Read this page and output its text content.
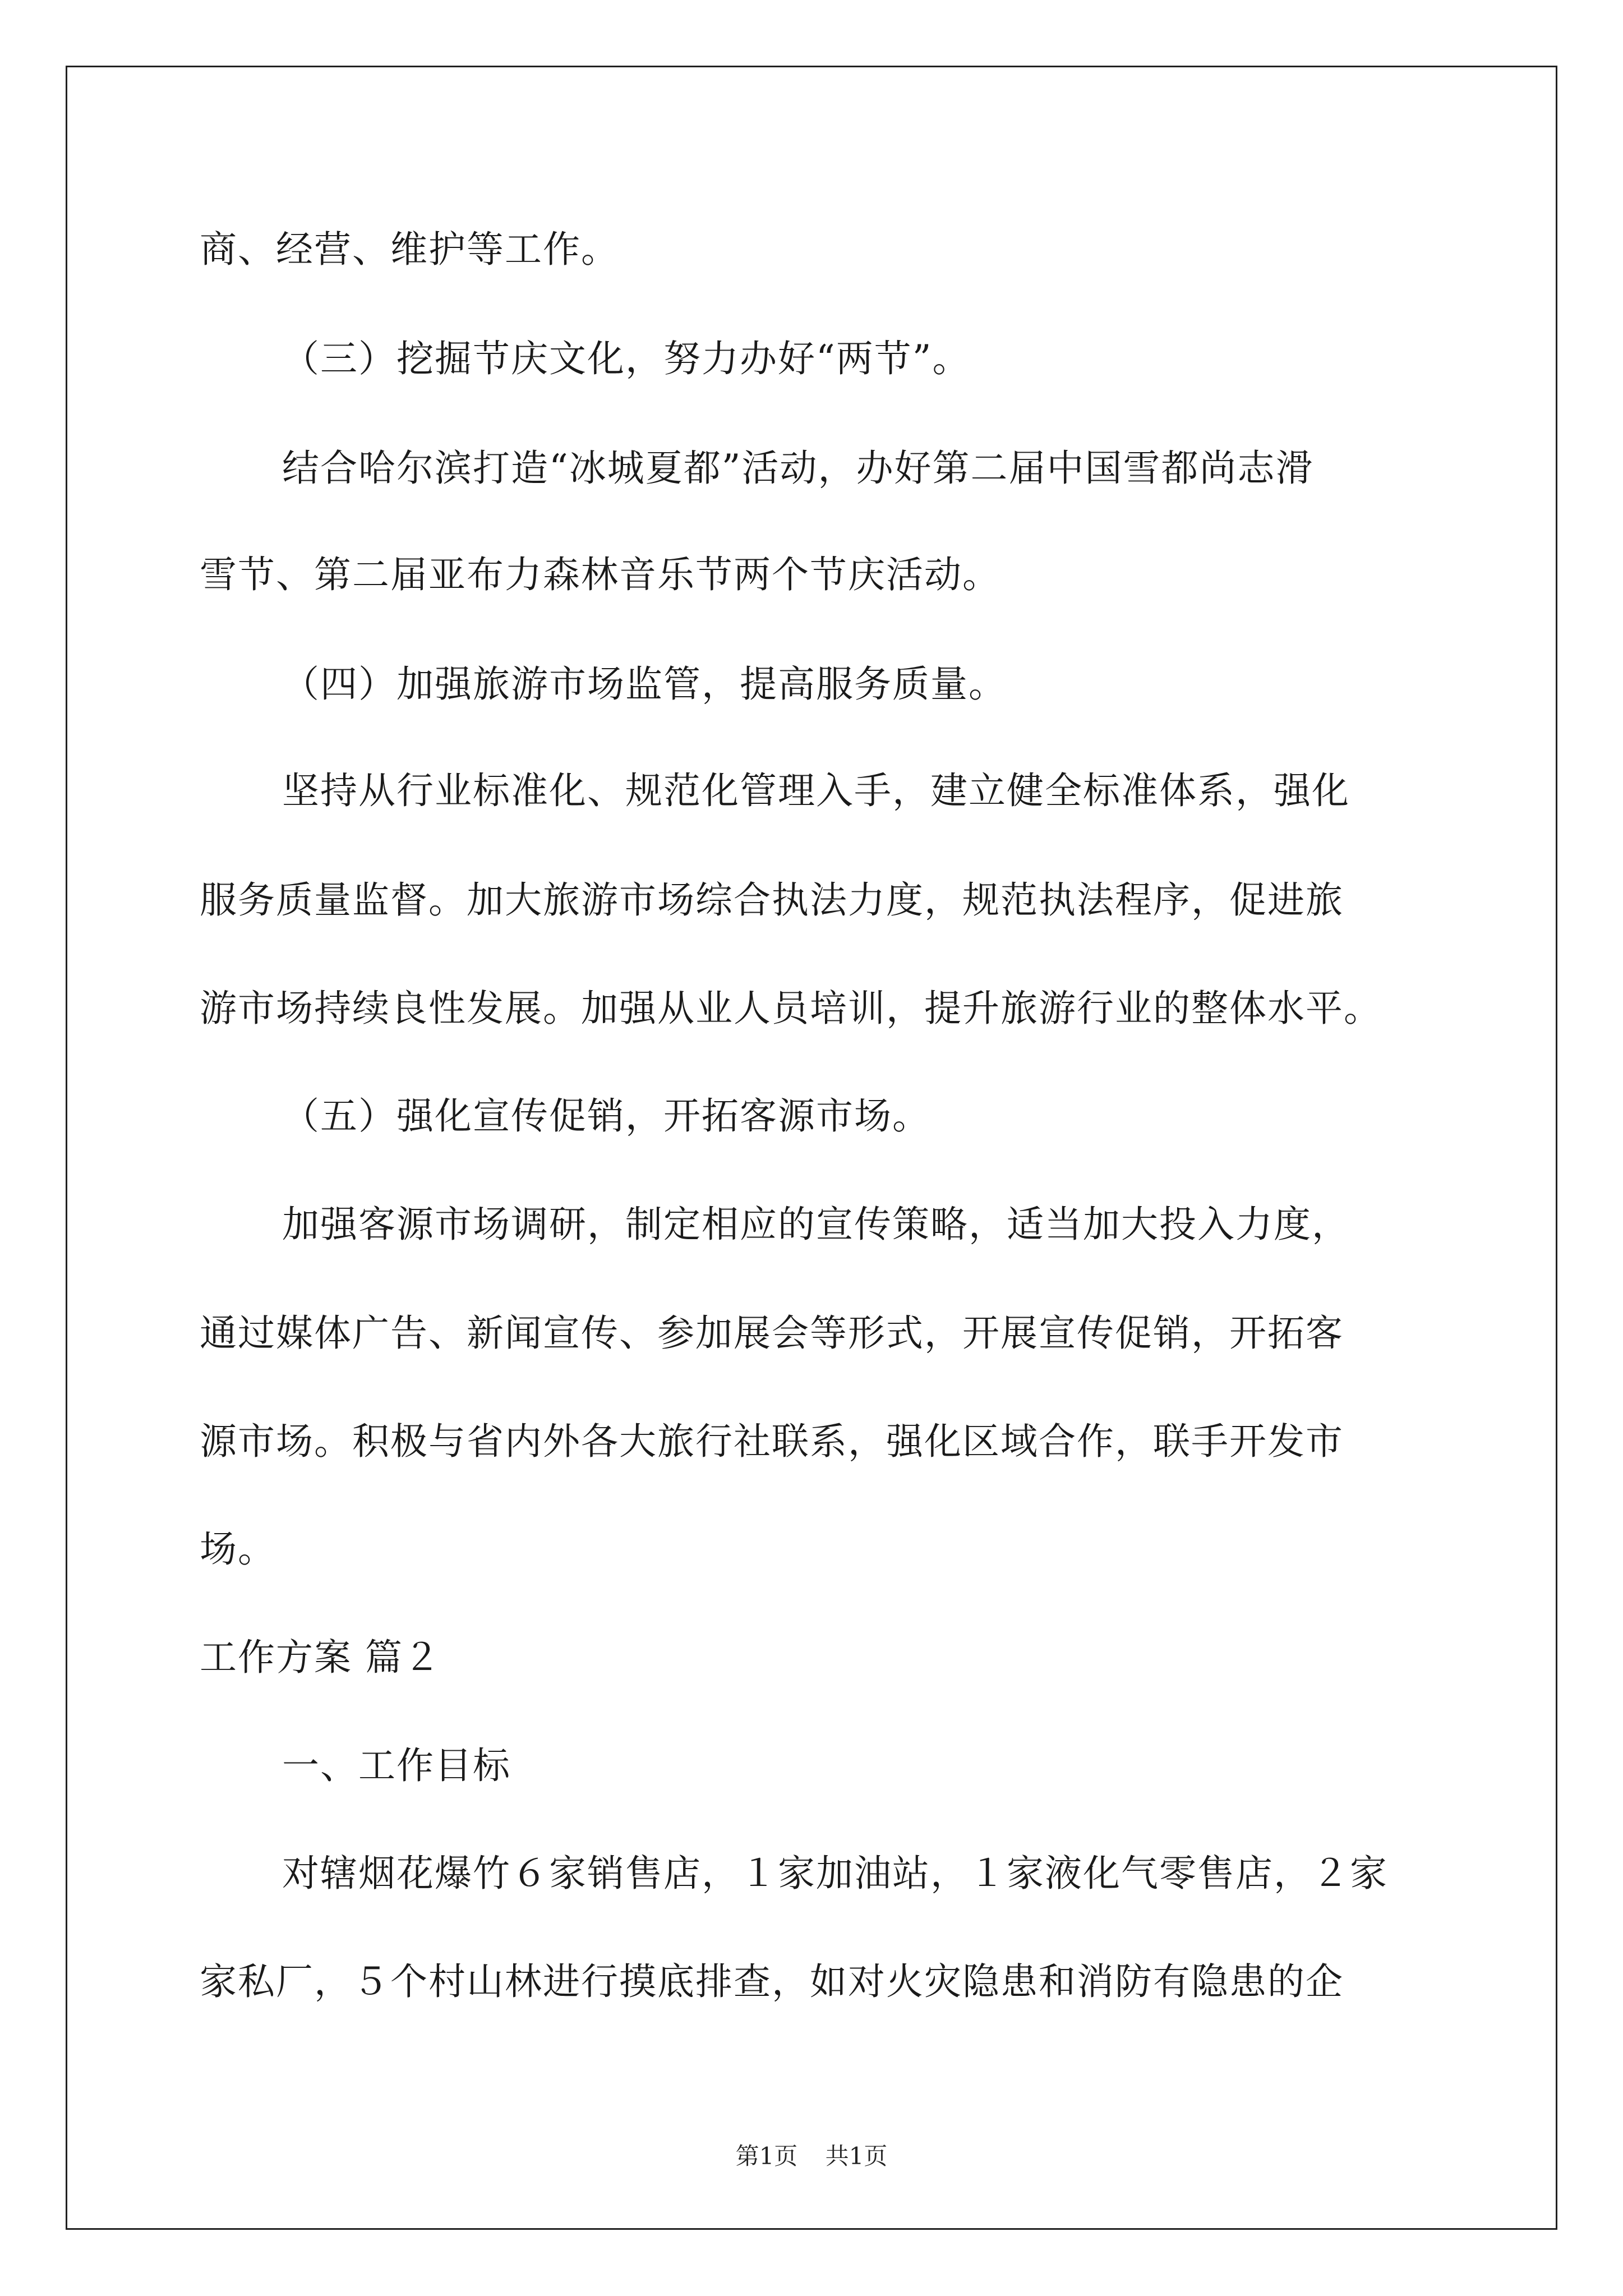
商、经营、维护等工作。
（三）挖掘节庆文化，努力办好“两节”。
结合哈尔滨打造“冰城夏都”活动，办好第二届中国雪都尚志滑
雪节、第二届亚布力森林音乐节两个节庆活动。
（四）加强旅游市场监管，提高服务质量。
坚持从行业标准化、规范化管理入手，建立健全标准体系，强化
服务质量监督。加大旅游市场综合执法力度，规范执法程序，促进旅
游市场持续良性发展。加强从业人员培训，提升旅游行业的整体水平。
（五）强化宣传促销，开拓客源市场。
加强客源市场调研，制定相应的宣传策略，适当加大投入力度，
通过媒体广告、新闻宣传、参加展会等形式，开展宣传促销，开拓客
源市场。积极与省内外各大旅行社联系，强化区域合作，联手开发市
场。
工作方案 篇２
一、工作目标
对辖烟花爆竹６家销售店，１家加油站，１家液化气零售店，２家
家私厂，５个村山林进行摸底排查，如对火灾隐患和消防有隐患的企
第1页 共1页
